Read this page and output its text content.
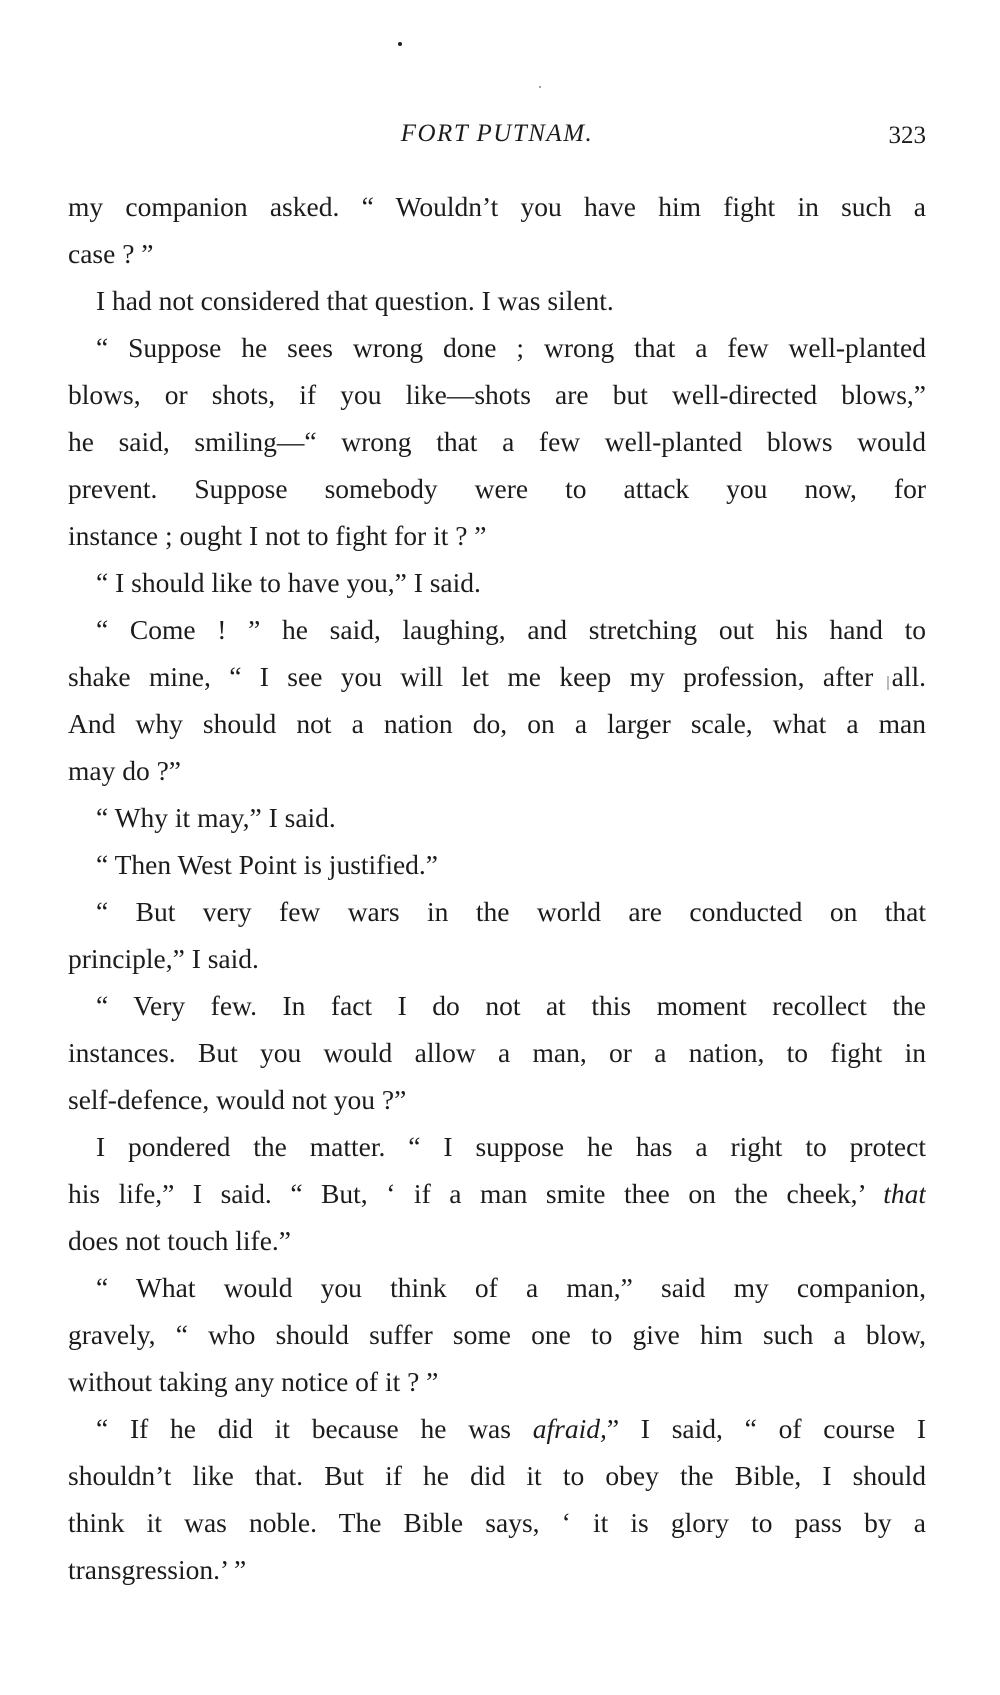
FORT PUTNAM.	323
my companion asked. “ Wouldn’t you have him fight in such a
case ? ”
I had not considered that question. I was silent.
“ Suppose he sees wrong done ; wrong that a few well-planted
blows, or shots, if you like—shots are but well-directed blows,”
he said, smiling—“ wrong that a few well-planted blows would
prevent. Suppose somebody were to attack you now, for
instance ; ought I not to fight for it ? ”
“ I should like to have you,” I said.
“ Come ! ” he said, laughing, and stretching out his hand to
shake mine, “ I see you will let me keep my profession, after all.
And why should not a nation do, on a larger scale, what a man
may do ?”
“ Why it may,” I said.
“ Then West Point is justified.”
“ But very few wars in the world are conducted on that
principle,” I said.
“ Very few. In fact I do not at this moment recollect the
instances. But you would allow a man, or a nation, to fight in
self-defence, would not you ?”
I pondered the matter. “ I suppose he has a right to protect
his life,” I said. “ But, ‘ if a man smite thee on the cheek,’ that
does not touch life.”
“ What would you think of a man,” said my companion,
gravely, “ who should suffer some one to give him such a blow,
without taking any notice of it ? ”
“ If he did it because he was afraid,” I said, “ of course I
shouldn’t like that. But if he did it to obey the Bible, I should
think it was noble. The Bible says, ‘ it is glory to pass by a
transgression.’ ”
